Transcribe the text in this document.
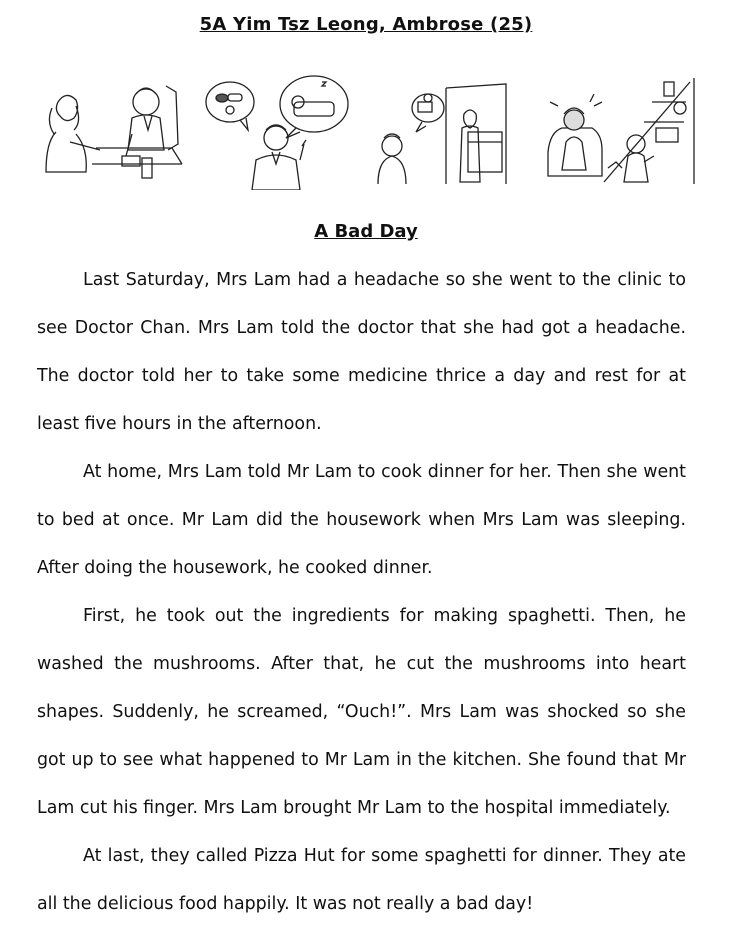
5A Yim Tsz Leong, Ambrose (25)
A Bad Day

Last Saturday, Mrs Lam had a headache so she went to the clinic to see Doctor Chan. Mrs Lam told the doctor that she had got a headache. The doctor told her to take some medicine thrice a day and rest for at least five hours in the afternoon.

At home, Mrs Lam told Mr Lam to cook dinner for her. Then she went to bed at once. Mr Lam did the housework when Mrs Lam was sleeping. After doing the housework, he cooked dinner.

First, he took out the ingredients for making spaghetti. Then, he washed the mushrooms. After that, he cut the mushrooms into heart shapes. Suddenly, he screamed, “Ouch!”. Mrs Lam was shocked so she got up to see what happened to Mr Lam in the kitchen. She found that Mr Lam cut his finger. Mrs Lam brought Mr Lam to the hospital immediately.

At last, they called Pizza Hut for some spaghetti for dinner. They ate all the delicious food happily. It was not really a bad day!
